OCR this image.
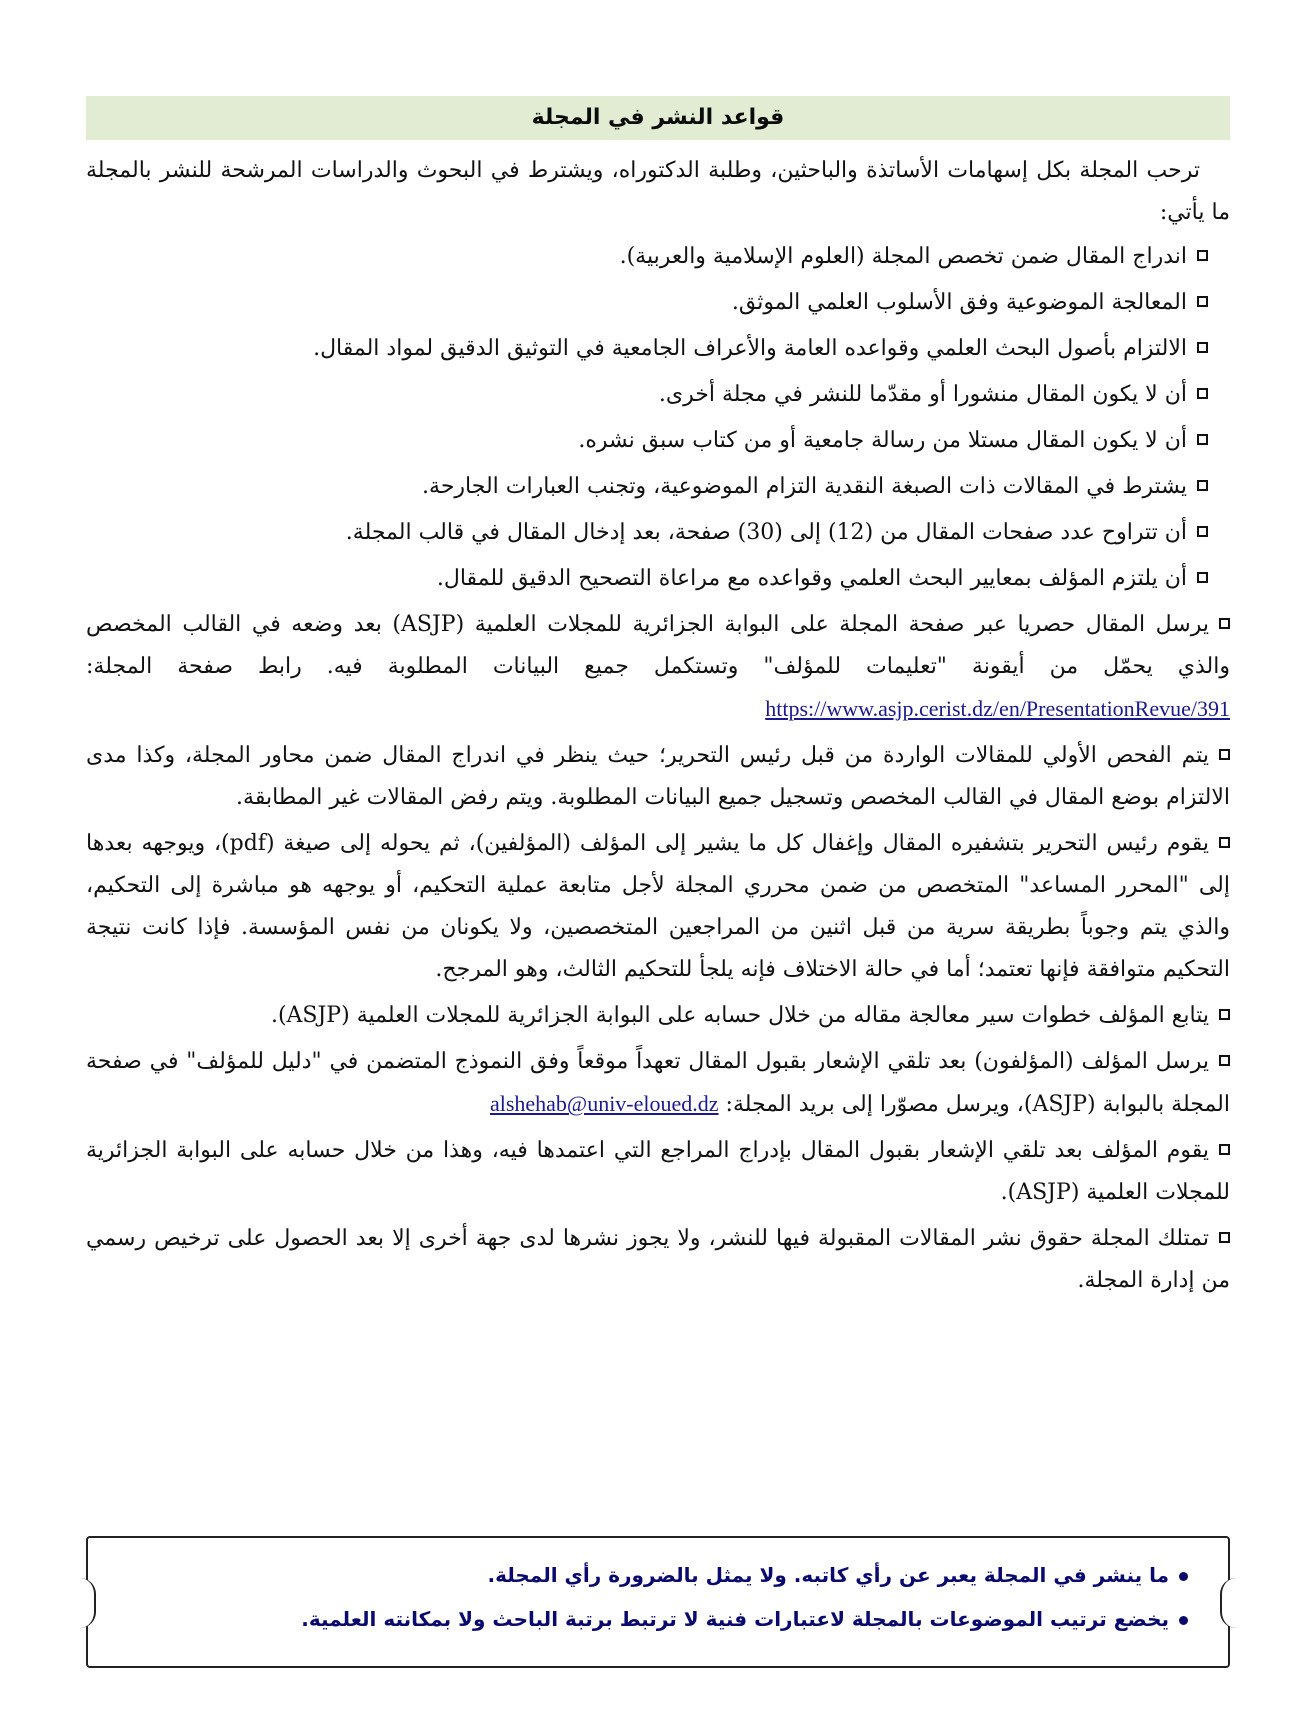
قواعد النشر في المجلة

ترحب المجلة بكل إسهامات الأساتذة والباحثين، وطلبة الدكتوراه، ويشترط في البحوث والدراسات المرشحة للنشر بالمجلة ما يأتي:

اندراج المقال ضمن تخصص المجلة (العلوم الإسلامية والعربية).
المعالجة الموضوعية وفق الأسلوب العلمي الموثق.
الالتزام بأصول البحث العلمي وقواعده العامة والأعراف الجامعية في التوثيق الدقيق لمواد المقال.
أن لا يكون المقال منشورا أو مقدّما للنشر في مجلة أخرى.
أن لا يكون المقال مستلا من رسالة جامعية أو من كتاب سبق نشره.
يشترط في المقالات ذات الصبغة النقدية التزام الموضوعية، وتجنب العبارات الجارحة.
أن تتراوح عدد صفحات المقال من (12) إلى (30) صفحة، بعد إدخال المقال في قالب المجلة.
أن يلتزم المؤلف بمعايير البحث العلمي وقواعده مع مراعاة التصحيح الدقيق للمقال.
يرسل المقال حصريا عبر صفحة المجلة على البوابة الجزائرية للمجلات العلمية (ASJP) بعد وضعه في القالب المخصص والذي يحمّل من أيقونة "تعليمات للمؤلف" وتستكمل جميع البيانات المطلوبة فيه. رابط صفحة المجلة: https://www.asjp.cerist.dz/en/PresentationRevue/391
يتم الفحص الأولي للمقالات الواردة من قبل رئيس التحرير؛ حيث ينظر في اندراج المقال ضمن محاور المجلة، وكذا مدى الالتزام بوضع المقال في القالب المخصص وتسجيل جميع البيانات المطلوبة. ويتم رفض المقالات غير المطابقة.
يقوم رئيس التحرير بتشفيره المقال وإغفال كل ما يشير إلى المؤلف (المؤلفين)، ثم يحوله إلى صيغة (pdf)، ويوجهه بعدها إلى "المحرر المساعد" المتخصص من ضمن محرري المجلة لأجل متابعة عملية التحكيم، أو يوجهه هو مباشرة إلى التحكيم، والذي يتم وجوباً بطريقة سرية من قبل اثنين من المراجعين المتخصصين، ولا يكونان من نفس المؤسسة. فإذا كانت نتيجة التحكيم متوافقة فإنها تعتمد؛ أما في حالة الاختلاف فإنه يلجأ للتحكيم الثالث، وهو المرجح.
يتابع المؤلف خطوات سير معالجة مقاله من خلال حسابه على البوابة الجزائرية للمجلات العلمية (ASJP).
يرسل المؤلف (المؤلفون) بعد تلقي الإشعار بقبول المقال تعهداً موقعاً وفق النموذج المتضمن في "دليل للمؤلف" في صفحة المجلة بالبوابة (ASJP)، ويرسل مصوّرا إلى بريد المجلة: alshehab@univ-eloued.dz
يقوم المؤلف بعد تلقي الإشعار بقبول المقال بإدراج المراجع التي اعتمدها فيه، وهذا من خلال حسابه على البوابة الجزائرية للمجلات العلمية (ASJP).
تمتلك المجلة حقوق نشر المقالات المقبولة فيها للنشر، ولا يجوز نشرها لدى جهة أخرى إلا بعد الحصول على ترخيص رسمي من إدارة المجلة.
ما ينشر في المجلة يعبر عن رأي كاتبه. ولا يمثل بالضرورة رأي المجلة.
يخضع ترتيب الموضوعات بالمجلة لاعتبارات فنية لا ترتبط برتبة الباحث ولا بمكانته العلمية.
